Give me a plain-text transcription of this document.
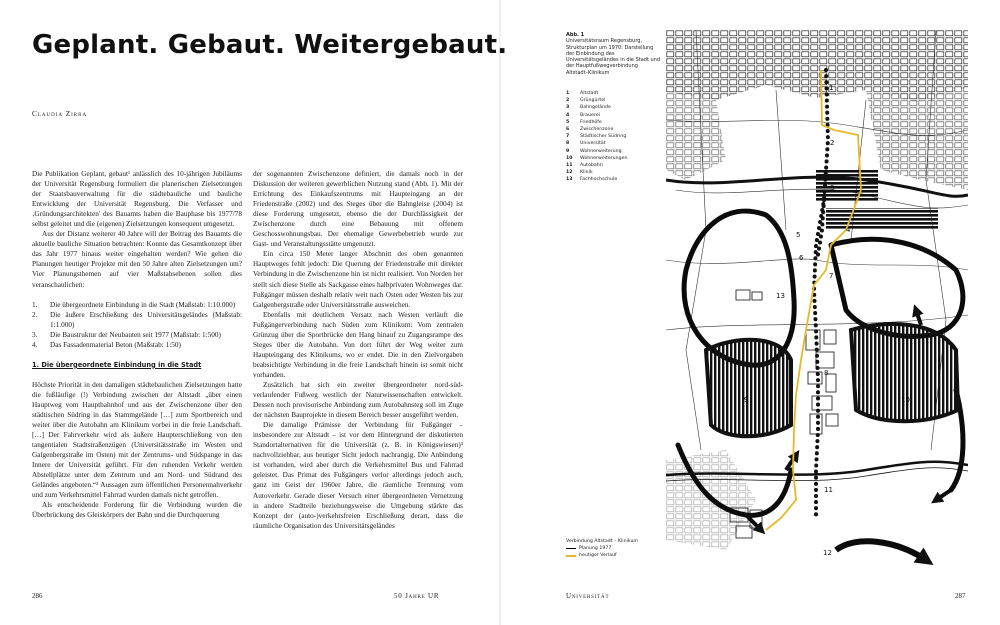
Geplant. Gebaut. Weitergebaut.
Claudia Zirra

Die Publikation Geplant, gebaut¹ anlässlich des 10-jährigen Jubiläums der Universität Regensburg formuliert die planerischen Zielsetzungen der Staatsbauverwaltung für die städtebauliche und bauliche Entwicklung der Universität Regensburg. Die Verfasser und ‚Gründungsarchitekten' des Bauamts haben die Bauphase bis 1977/78 selbst geleitet und die (eigenen) Zielsetzungen konsequent umgesetzt.

Aus der Distanz weiterer 40 Jahre will der Beitrag des Bauamts die aktuelle bauliche Situation betrachten: Konnte das Gesamtkonzept über das Jahr 1977 hinaus weiter eingehalten werden? Wie gehen die Planungen heutiger Projekte mit den 50 Jahre alten Zielsetzungen um? Vier Planungsthemen auf vier Maßstabsebenen sollen dies veranschaulichen:

1.	Die übergeordnete Einbindung in die Stadt (Maßstab: 1:10.000)
2.	Die äußere Erschließung des Universitätsgeländes (Maßstab: 1:1.000)
3.	Die Baustruktur der Neubauten seit 1977 (Maßstab: 1:500)
4.	Das Fassadenmaterial Beton (Maßstab: 1:50)
1. Die übergeordnete Einbindung in die Stadt

Höchste Priorität in den damaligen städtebaulichen Zielsetzungen hatte die fußläufige (!) Verbindung zwischen der Altstadt „über einen Hauptweg vom Hauptbahnhof und aus der Zwischenzone über den städtischen Südring in das Stammgelände […] zum Sportbereich und weiter über die Autobahn am Klinikum vorbei in die freie Landschaft. […] Der Fahrverkehr wird als äußere Haupterschließung von den tangentialen Stadtstraßenzügen (Universitätsstraße im Westen und Galgenbergstraße im Osten) mit der Zentrums- und Südspange in das Innere der Universität geführt. Für den ruhenden Verkehr werden Abstellplätze unter dem Zentrum und am Nord- und Südrand des Geländes angeboten.“² Aussagen zum öffentlichen Personennahverkehr und zum Verkehrsmittel Fahrrad wurden damals nicht getroffen.

Als entscheidende Forderung für die Verbindung wurden die Überbrückung des Gleiskörpers der Bahn und die Durchquerung

der sogenannten Zwischenzone definiert, die damals noch in der Diskussion der weiteren gewerblichen Nutzung stand (Abb. 1). Mit der Errichtung des Einkaufszentrums mit Haupteingang an der Friedenstraße (2002) und des Steges über die Bahngleise (2004) ist diese Forderung umgesetzt, ebenso die der Durchlässigkeit der Zwischenzone durch eine Bebauung mit offenem Geschosswohnungsbau. Der ehemalige Gewerbebetrieb wurde zur Gast- und Veranstaltungsstätte umgenutzt.

Ein circa 150 Meter langer Abschnitt des oben genannten Hauptweges fehlt jedoch: Die Querung der Friedenstraße mit direkter Verbindung in die Zwischenzone hin ist nicht realisiert. Von Norden her stellt sich diese Stelle als Sackgasse eines halbprivaten Wohnweges dar. Fußgänger müssen deshalb relativ weit nach Osten oder Westen bis zur Galgenbergstraße oder Universitätsstraße ausweichen.

Ebenfalls mit deutlichem Versatz nach Westen verläuft die Fußgängerverbindung nach Süden zum Klinikum: Vom zentralen Grünzug über die Sportbrücke den Hang hinauf zu Zugangsrampe des Steges über die Autobahn. Von dort führt der Weg weiter zum Haupteingang des Klinikums, wo er endet. Die in den Zielvorgaben beabsichtigte Verbindung in die freie Landschaft hinein ist somit nicht vorhanden.

Zusätzlich hat sich ein zweiter übergeordneter nord-süd-verlaufender Fußweg westlich der Naturwissenschaften entwickelt. Dessen noch provisorische Anbindung zum Autobahnsteg soll im Zuge der nächsten Bauprojekte in diesem Bereich besser ausgeführt werden.

Die damalige Prämisse der Verbindung für Fußgänger – insbesondere zur Altstadt – ist vor dem Hintergrund der diskutierten Standortalternativen für die Universität (z. B. in Königswiesen)³ nachvollziehbar, aus heutiger Sicht jedoch nachrangig. Die Anbindung ist vorhanden, wird aber durch die Verkehrsmittel Bus und Fahrrad geleistet. Das Primat des Fußgängers verlor allerdings jedoch auch, ganz im Geist der 1960er Jahre, die räumliche Trennung vom Autoverkehr. Gerade dieser Versuch einer übergeordneten Vernetzung in andere Stadtteile beziehungsweise die Umgebung stärkte das Konzept der (auto-)verkehrsfreien Erschließung derart, dass die räumliche Organisation des Universitätsgeländes

286	50 Jahre UR
Abb. 1
Universitätsraum Regensburg, Strukturplan um 1970: Darstellung der Einbindung des Universitätsgeländes in die Stadt und der Hauptfußwegverbindung Altstadt–Klinikum
1	Altstadt
2	Grüngürtel
3	Bahngelände
4	Brauerei
5	Friedhöfe
6	Zwischenzone
7	Städtischer Südring
8	Universität
9	Wohnerweiterung
10	Wohnerweiterungen
11	Autobahn
12	Klinik
13	Fachhochschule
Verbindung Altstadt – Klinikum
Planung 1977
heutiger Verlauf
1
2
3
4
5
6
7
8
9	10
11
12
13
Universität	287
